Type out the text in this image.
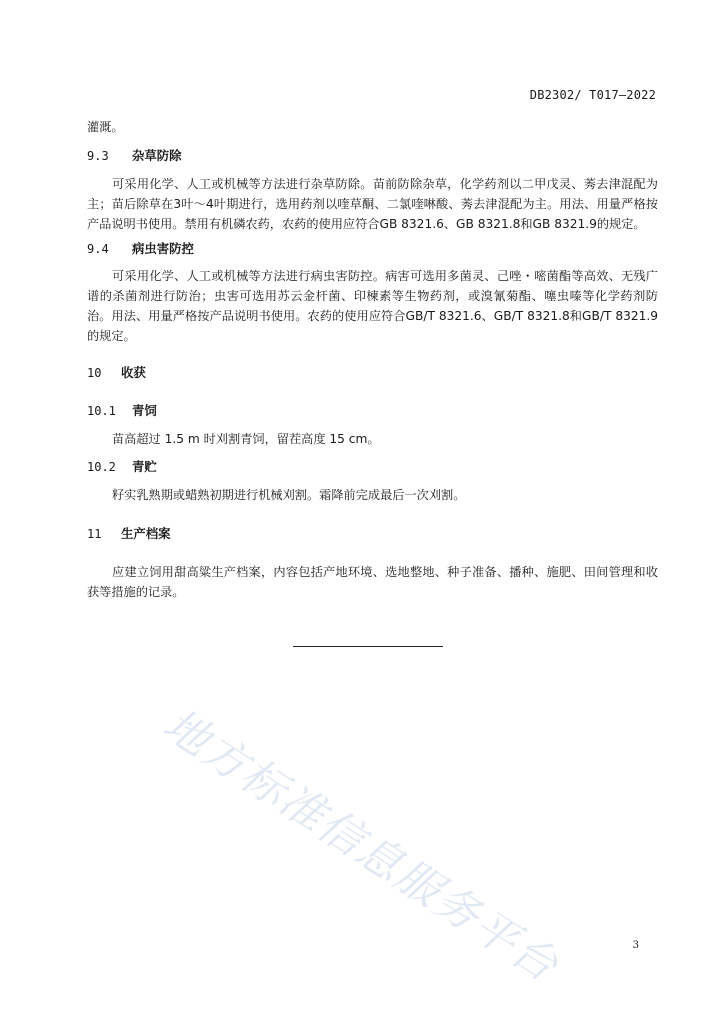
DB2302/ T017—2022

灌溉。

9.3 杂草防除

可采用化学、人工或机械等方法进行杂草防除。苗前防除杂草，化学药剂以二甲戊灵、莠去津混配为主；苗后除草在3叶～4叶期进行，选用药剂以喹草酮、二氯喹啉酸、莠去津混配为主。用法、用量严格按产品说明书使用。禁用有机磷农药，农药的使用应符合GB 8321.6、GB 8321.8和GB 8321.9的规定。

9.4 病虫害防控

可采用化学、人工或机械等方法进行病虫害防控。病害可选用多菌灵、己唑・嘧菌酯等高效、无残广谱的杀菌剂进行防治；虫害可选用苏云金杆菌、印楝素等生物药剂，或溴氰菊酯、噻虫嗪等化学药剂防治。用法、用量严格按产品说明书使用。农药的使用应符合GB/T 8321.6、GB/T 8321.8和GB/T 8321.9的规定。

10 收获
10.1 青饲

苗高超过 1.5 m 时刈割青饲，留茬高度 15 cm。

10.2 青贮

籽实乳熟期或蜡熟初期进行机械刈割。霜降前完成最后一次刈割。

11 生产档案

应建立饲用甜高粱生产档案，内容包括产地环境、选地整地、种子准备、播种、施肥、田间管理和收获等措施的记录。

地方标准信息服务平台	3
